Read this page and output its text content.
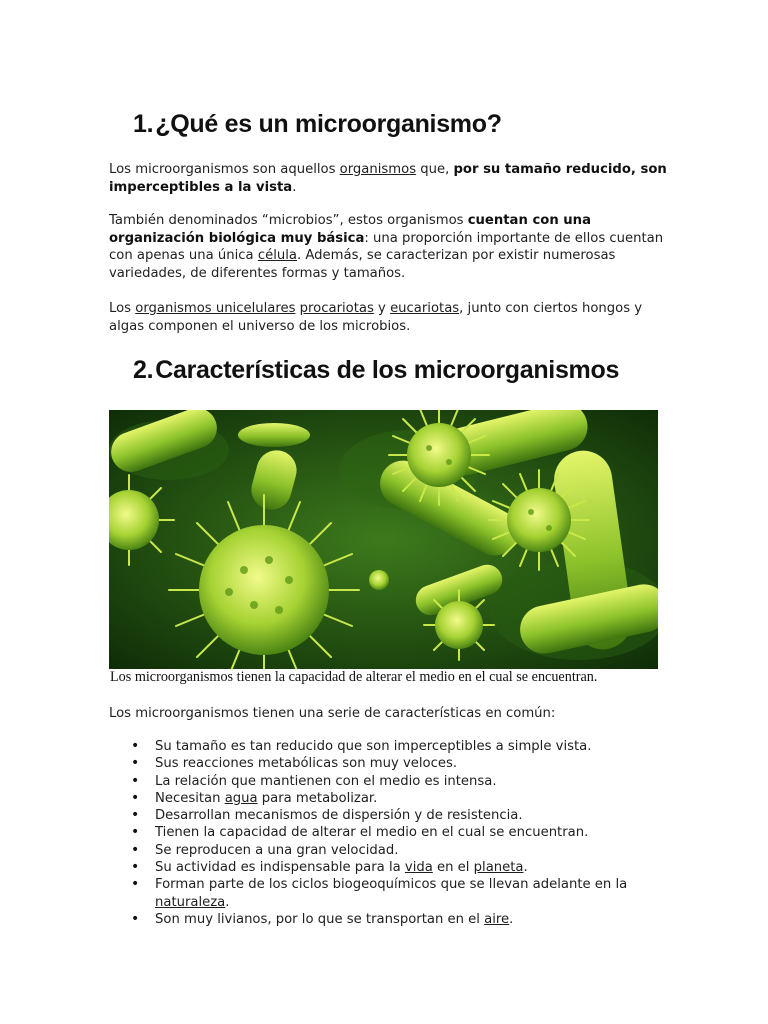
1.¿Qué es un microorganismo?

Los microorganismos son aquellos organismos que, por su tamaño reducido, son imperceptibles a la vista.

También denominados “microbios”, estos organismos cuentan con una organización biológica muy básica: una proporción importante de ellos cuentan con apenas una única célula. Además, se caracterizan por existir numerosas variedades, de diferentes formas y tamaños.

Los organismos unicelulares procariotas y eucariotas, junto con ciertos hongos y algas componen el universo de los microbios.

2.Características de los microorganismos
Los microorganismos tienen la capacidad de alterar el medio en el cual se encuentran.

Los microorganismos tienen una serie de características en común:

• Su tamaño es tan reducido que son imperceptibles a simple vista.
• Sus reacciones metabólicas son muy veloces.
• La relación que mantienen con el medio es intensa.
• Necesitan agua para metabolizar.
• Desarrollan mecanismos de dispersión y de resistencia.
• Tienen la capacidad de alterar el medio en el cual se encuentran.
• Se reproducen a una gran velocidad.
• Su actividad es indispensable para la vida en el planeta.
• Forman parte de los ciclos biogeoquímicos que se llevan adelante en la naturaleza.
• Son muy livianos, por lo que se transportan en el aire.
